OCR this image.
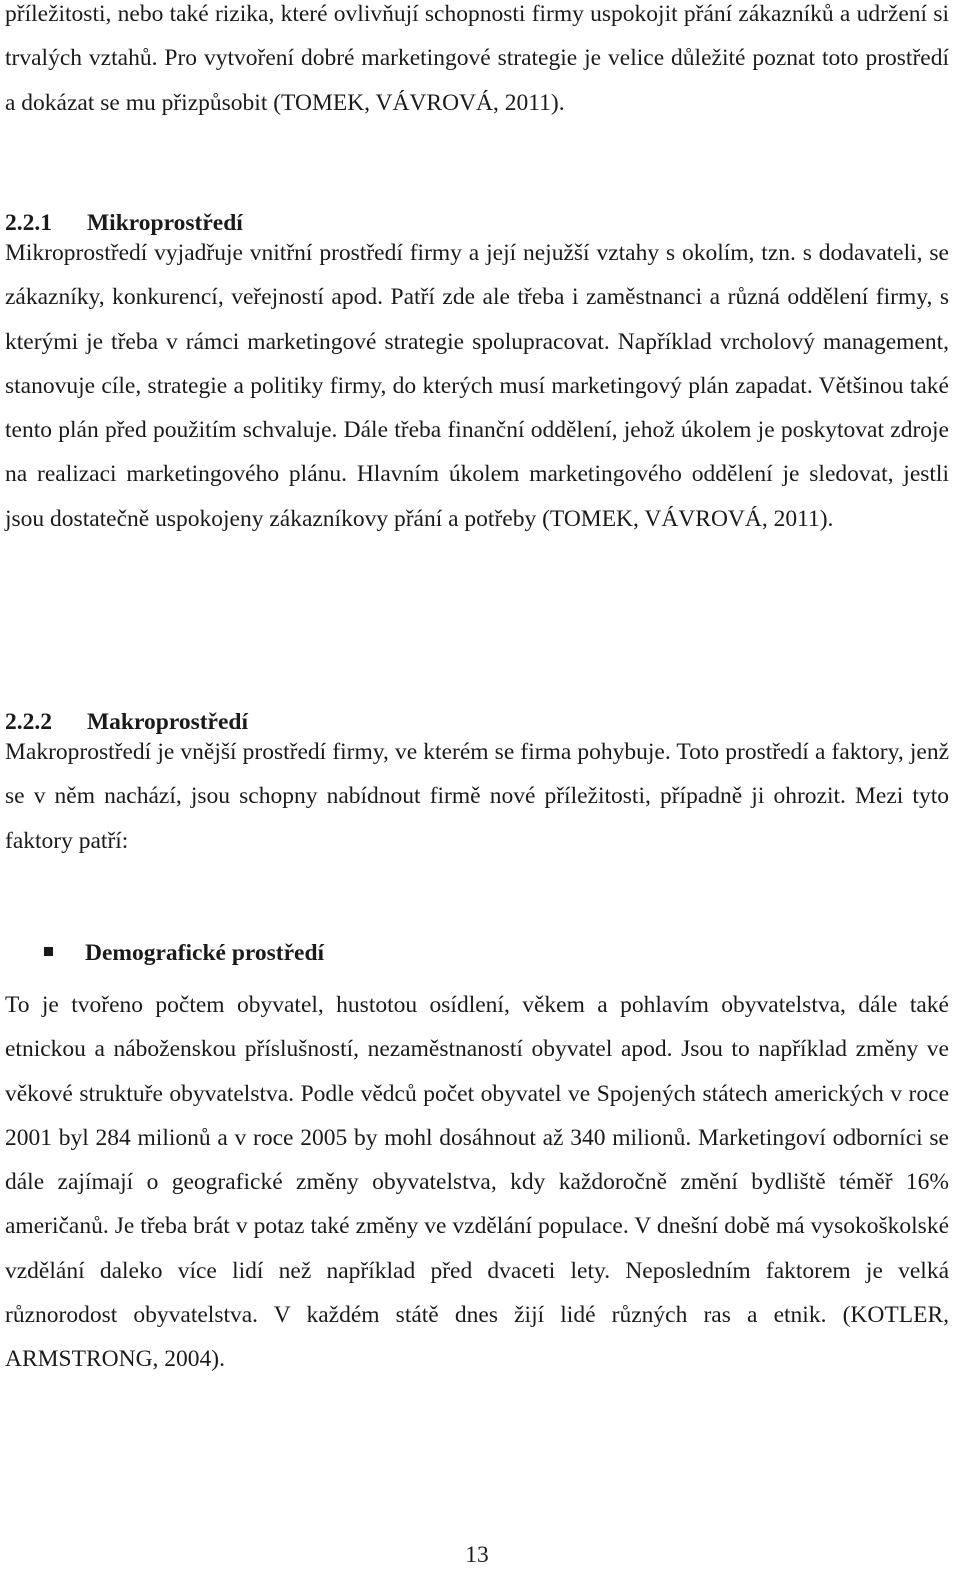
příležitosti, nebo také rizika, které ovlivňují schopnosti firmy uspokojit přání zákazníků a udržení si trvalých vztahů. Pro vytvoření dobré marketingové strategie je velice důležité poznat toto prostředí a dokázat se mu přizpůsobit (TOMEK, VÁVROVÁ, 2011).

2.2.1 Mikroprostředí

Mikroprostředí vyjadřuje vnitřní prostředí firmy a její nejužší vztahy s okolím, tzn. s dodavateli, se zákazníky, konkurencí, veřejností apod. Patří zde ale třeba i zaměstnanci a různá oddělení firmy, s kterými je třeba v rámci marketingové strategie spolupracovat. Například vrcholový management, stanovuje cíle, strategie a politiky firmy, do kterých musí marketingový plán zapadat. Většinou také tento plán před použitím schvaluje. Dále třeba finanční oddělení, jehož úkolem je poskytovat zdroje na realizaci marketingového plánu. Hlavním úkolem marketingového oddělení je sledovat, jestli jsou dostatečně uspokojeny zákazníkovy přání a potřeby (TOMEK, VÁVROVÁ, 2011).

2.2.2 Makroprostředí

Makroprostředí je vnější prostředí firmy, ve kterém se firma pohybuje. Toto prostředí a faktory, jenž se v něm nachází, jsou schopny nabídnout firmě nové příležitosti, případně ji ohrozit. Mezi tyto faktory patří:

Demografické prostředí

To je tvořeno počtem obyvatel, hustotou osídlení, věkem a pohlavím obyvatelstva, dále také etnickou a náboženskou příslušností, nezaměstnaností obyvatel apod. Jsou to například změny ve věkové struktuře obyvatelstva. Podle vědců počet obyvatel ve Spojených státech amerických v roce 2001 byl 284 milionů a v roce 2005 by mohl dosáhnout až 340 milionů. Marketingoví odborníci se dále zajímají o geografické změny obyvatelstva, kdy každoročně změní bydliště téměř 16% američanů. Je třeba brát v potaz také změny ve vzdělání populace. V dnešní době má vysokoškolské vzdělání daleko více lidí než například před dvaceti lety. Neposledním faktorem je velká různorodost obyvatelstva. V každém státě dnes žijí lidé různých ras a etnik. (KOTLER, ARMSTRONG, 2004).

13
